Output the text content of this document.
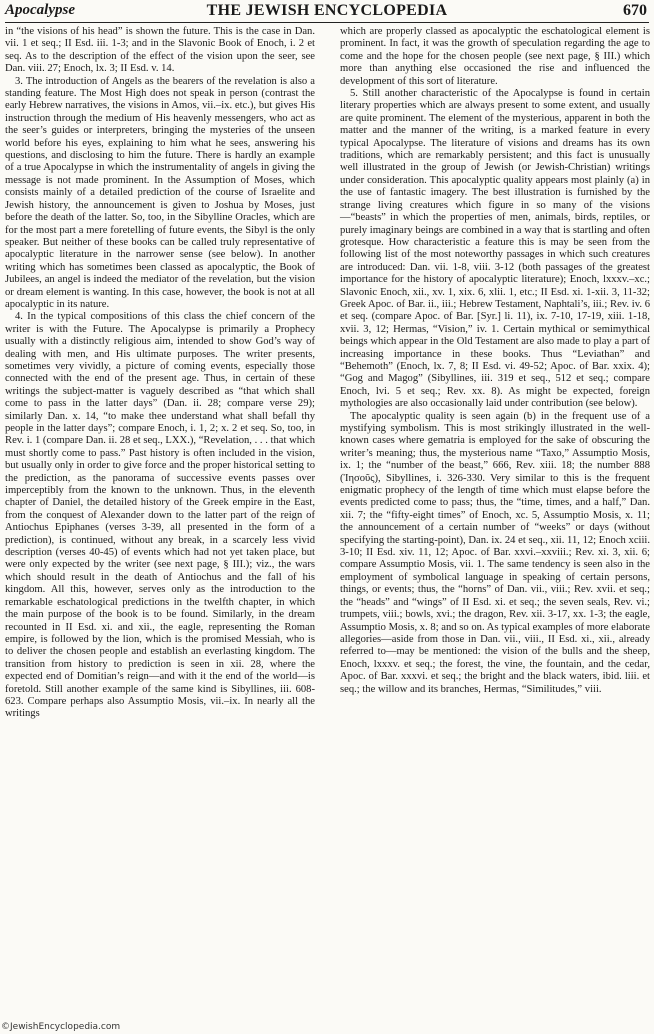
Apocalypse	THE JEWISH ENCYCLOPEDIA	670

in “the visions of his head” is shown the future. This is the case in Dan. vii. 1 et seq.; II Esd. iii. 1-3; and in the Slavonic Book of Enoch, i. 2 et seq. As to the description of the effect of the vision upon the seer, see Dan. viii. 27; Enoch, lx. 3; II Esd. v. 14.

3. The introduction of Angels as the bearers of the revelation is also a standing feature. The Most High does not speak in person (contrast the early Hebrew narratives, the visions in Amos, vii.–ix. etc.), but gives His instruction through the medium of His heavenly messengers, who act as the seer’s guides or interpreters, bringing the mysteries of the unseen world before his eyes, explaining to him what he sees, answering his questions, and disclosing to him the future. There is hardly an example of a true Apocalypse in which the instrumentality of angels in giving the message is not made prominent. In the Assumption of Moses, which consists mainly of a detailed prediction of the course of Israelite and Jewish history, the announcement is given to Joshua by Moses, just before the death of the latter. So, too, in the Sibylline Oracles, which are for the most part a mere foretelling of future events, the Sibyl is the only speaker. But neither of these books can be called truly representative of apocalyptic literature in the narrower sense (see below). In another writing which has sometimes been classed as apocalyptic, the Book of Jubilees, an angel is indeed the mediator of the revelation, but the vision or dream element is wanting. In this case, however, the book is not at all apocalyptic in its nature.

4. In the typical compositions of this class the chief concern of the writer is with the Future. The Apocalypse is primarily a Prophecy usually with a distinctly religious aim, intended to show God’s way of dealing with men, and His ultimate purposes. The writer presents, sometimes very vividly, a picture of coming events, especially those connected with the end of the present age. Thus, in certain of these writings the subject-matter is vaguely described as “that which shall come to pass in the latter days” (Dan. ii. 28; compare verse 29); similarly Dan. x. 14, “to make thee understand what shall befall thy people in the latter days”; compare Enoch, i. 1, 2; x. 2 et seq. So, too, in Rev. i. 1 (compare Dan. ii. 28 et seq., LXX.), “Revelation, . . . that which must shortly come to pass.” Past history is often included in the vision, but usually only in order to give force and the proper historical setting to the prediction, as the panorama of successive events passes over imperceptibly from the known to the unknown. Thus, in the eleventh chapter of Daniel, the detailed history of the Greek empire in the East, from the conquest of Alexander down to the latter part of the reign of Antiochus Epiphanes (verses 3-39, all presented in the form of a prediction), is continued, without any break, in a scarcely less vivid description (verses 40-45) of events which had not yet taken place, but were only expected by the writer (see next page, § III.); viz., the wars which should result in the death of Antiochus and the fall of his kingdom. All this, however, serves only as the introduction to the remarkable eschatological predictions in the twelfth chapter, in which the main purpose of the book is to be found. Similarly, in the dream recounted in II Esd. xi. and xii., the eagle, representing the Roman empire, is followed by the lion, which is the promised Messiah, who is to deliver the chosen people and establish an everlasting kingdom. The transition from history to prediction is seen in xii. 28, where the expected end of Domitian’s reign—and with it the end of the world—is foretold. Still another example of the same kind is Sibyllines, iii. 608-623. Compare perhaps also Assumptio Mosis, vii.–ix. In nearly all the writings

which are properly classed as apocalyptic the eschatological element is prominent. In fact, it was the growth of speculation regarding the age to come and the hope for the chosen people (see next page, § III.) which more than anything else occasioned the rise and influenced the development of this sort of literature.

5. Still another characteristic of the Apocalypse is found in certain literary properties which are always present to some extent, and usually are quite prominent. The element of the mysterious, apparent in both the matter and the manner of the writing, is a marked feature in every typical Apocalypse. The literature of visions and dreams has its own traditions, which are remarkably persistent; and this fact is unusually well illustrated in the group of Jewish (or Jewish-Christian) writings under consideration. This apocalyptic quality appears most plainly (a) in the use of fantastic imagery. The best illustration is furnished by the strange living creatures which figure in so many of the visions—“beasts” in which the properties of men, animals, birds, reptiles, or purely imaginary beings are combined in a way that is startling and often grotesque. How characteristic a feature this is may be seen from the following list of the most noteworthy passages in which such creatures are introduced: Dan. vii. 1-8, viii. 3-12 (both passages of the greatest importance for the history of apocalyptic literature); Enoch, lxxxv.–xc.; Slavonic Enoch, xii., xv. 1, xix. 6, xlii. 1, etc.; II Esd. xi. 1-xii. 3, 11-32; Greek Apoc. of Bar. ii., iii.; Hebrew Testament, Naphtali’s, iii.; Rev. iv. 6 et seq. (compare Apoc. of Bar. [Syr.] li. 11), ix. 7-10, 17-19, xiii. 1-18, xvii. 3, 12; Hermas, “Vision,” iv. 1. Certain mythical or semimythical beings which appear in the Old Testament are also made to play a part of increasing importance in these books. Thus “Leviathan” and “Behemoth” (Enoch, lx. 7, 8; II Esd. vi. 49-52; Apoc. of Bar. xxix. 4); “Gog and Magog” (Sibyllines, iii. 319 et seq., 512 et seq.; compare Enoch, lvi. 5 et seq.; Rev. xx. 8). As might be expected, foreign mythologies are also occasionally laid under contribution (see below).

The apocalyptic quality is seen again (b) in the frequent use of a mystifying symbolism. This is most strikingly illustrated in the well-known cases where gematria is employed for the sake of obscuring the writer’s meaning; thus, the mysterious name “Taxo,” Assumptio Mosis, ix. 1; the “number of the beast,” 666, Rev. xiii. 18; the number 888 (Ἰησοῦς), Sibyllines, i. 326-330. Very similar to this is the frequent enigmatic prophecy of the length of time which must elapse before the events predicted come to pass; thus, the “time, times, and a half,” Dan. xii. 7; the “fifty-eight times” of Enoch, xc. 5, Assumptio Mosis, x. 11; the announcement of a certain number of “weeks” or days (without specifying the starting-point), Dan. ix. 24 et seq., xii. 11, 12; Enoch xciii. 3-10; II Esd. xiv. 11, 12; Apoc. of Bar. xxvi.–xxviii.; Rev. xi. 3, xii. 6; compare Assumptio Mosis, vii. 1. The same tendency is seen also in the employment of symbolical language in speaking of certain persons, things, or events; thus, the “horns” of Dan. vii., viii.; Rev. xvii. et seq.; the “heads” and “wings” of II Esd. xi. et seq.; the seven seals, Rev. vi.; trumpets, viii.; bowls, xvi.; the dragon, Rev. xii. 3-17, xx. 1-3; the eagle, Assumptio Mosis, x. 8; and so on. As typical examples of more elaborate allegories—aside from those in Dan. vii., viii., II Esd. xi., xii., already referred to—may be mentioned: the vision of the bulls and the sheep, Enoch, lxxxv. et seq.; the forest, the vine, the fountain, and the cedar, Apoc. of Bar. xxxvi. et seq.; the bright and the black waters, ibid. liii. et seq.; the willow and its branches, Hermas, “Similitudes,” viii.

©JewishEncyclopedia.com
